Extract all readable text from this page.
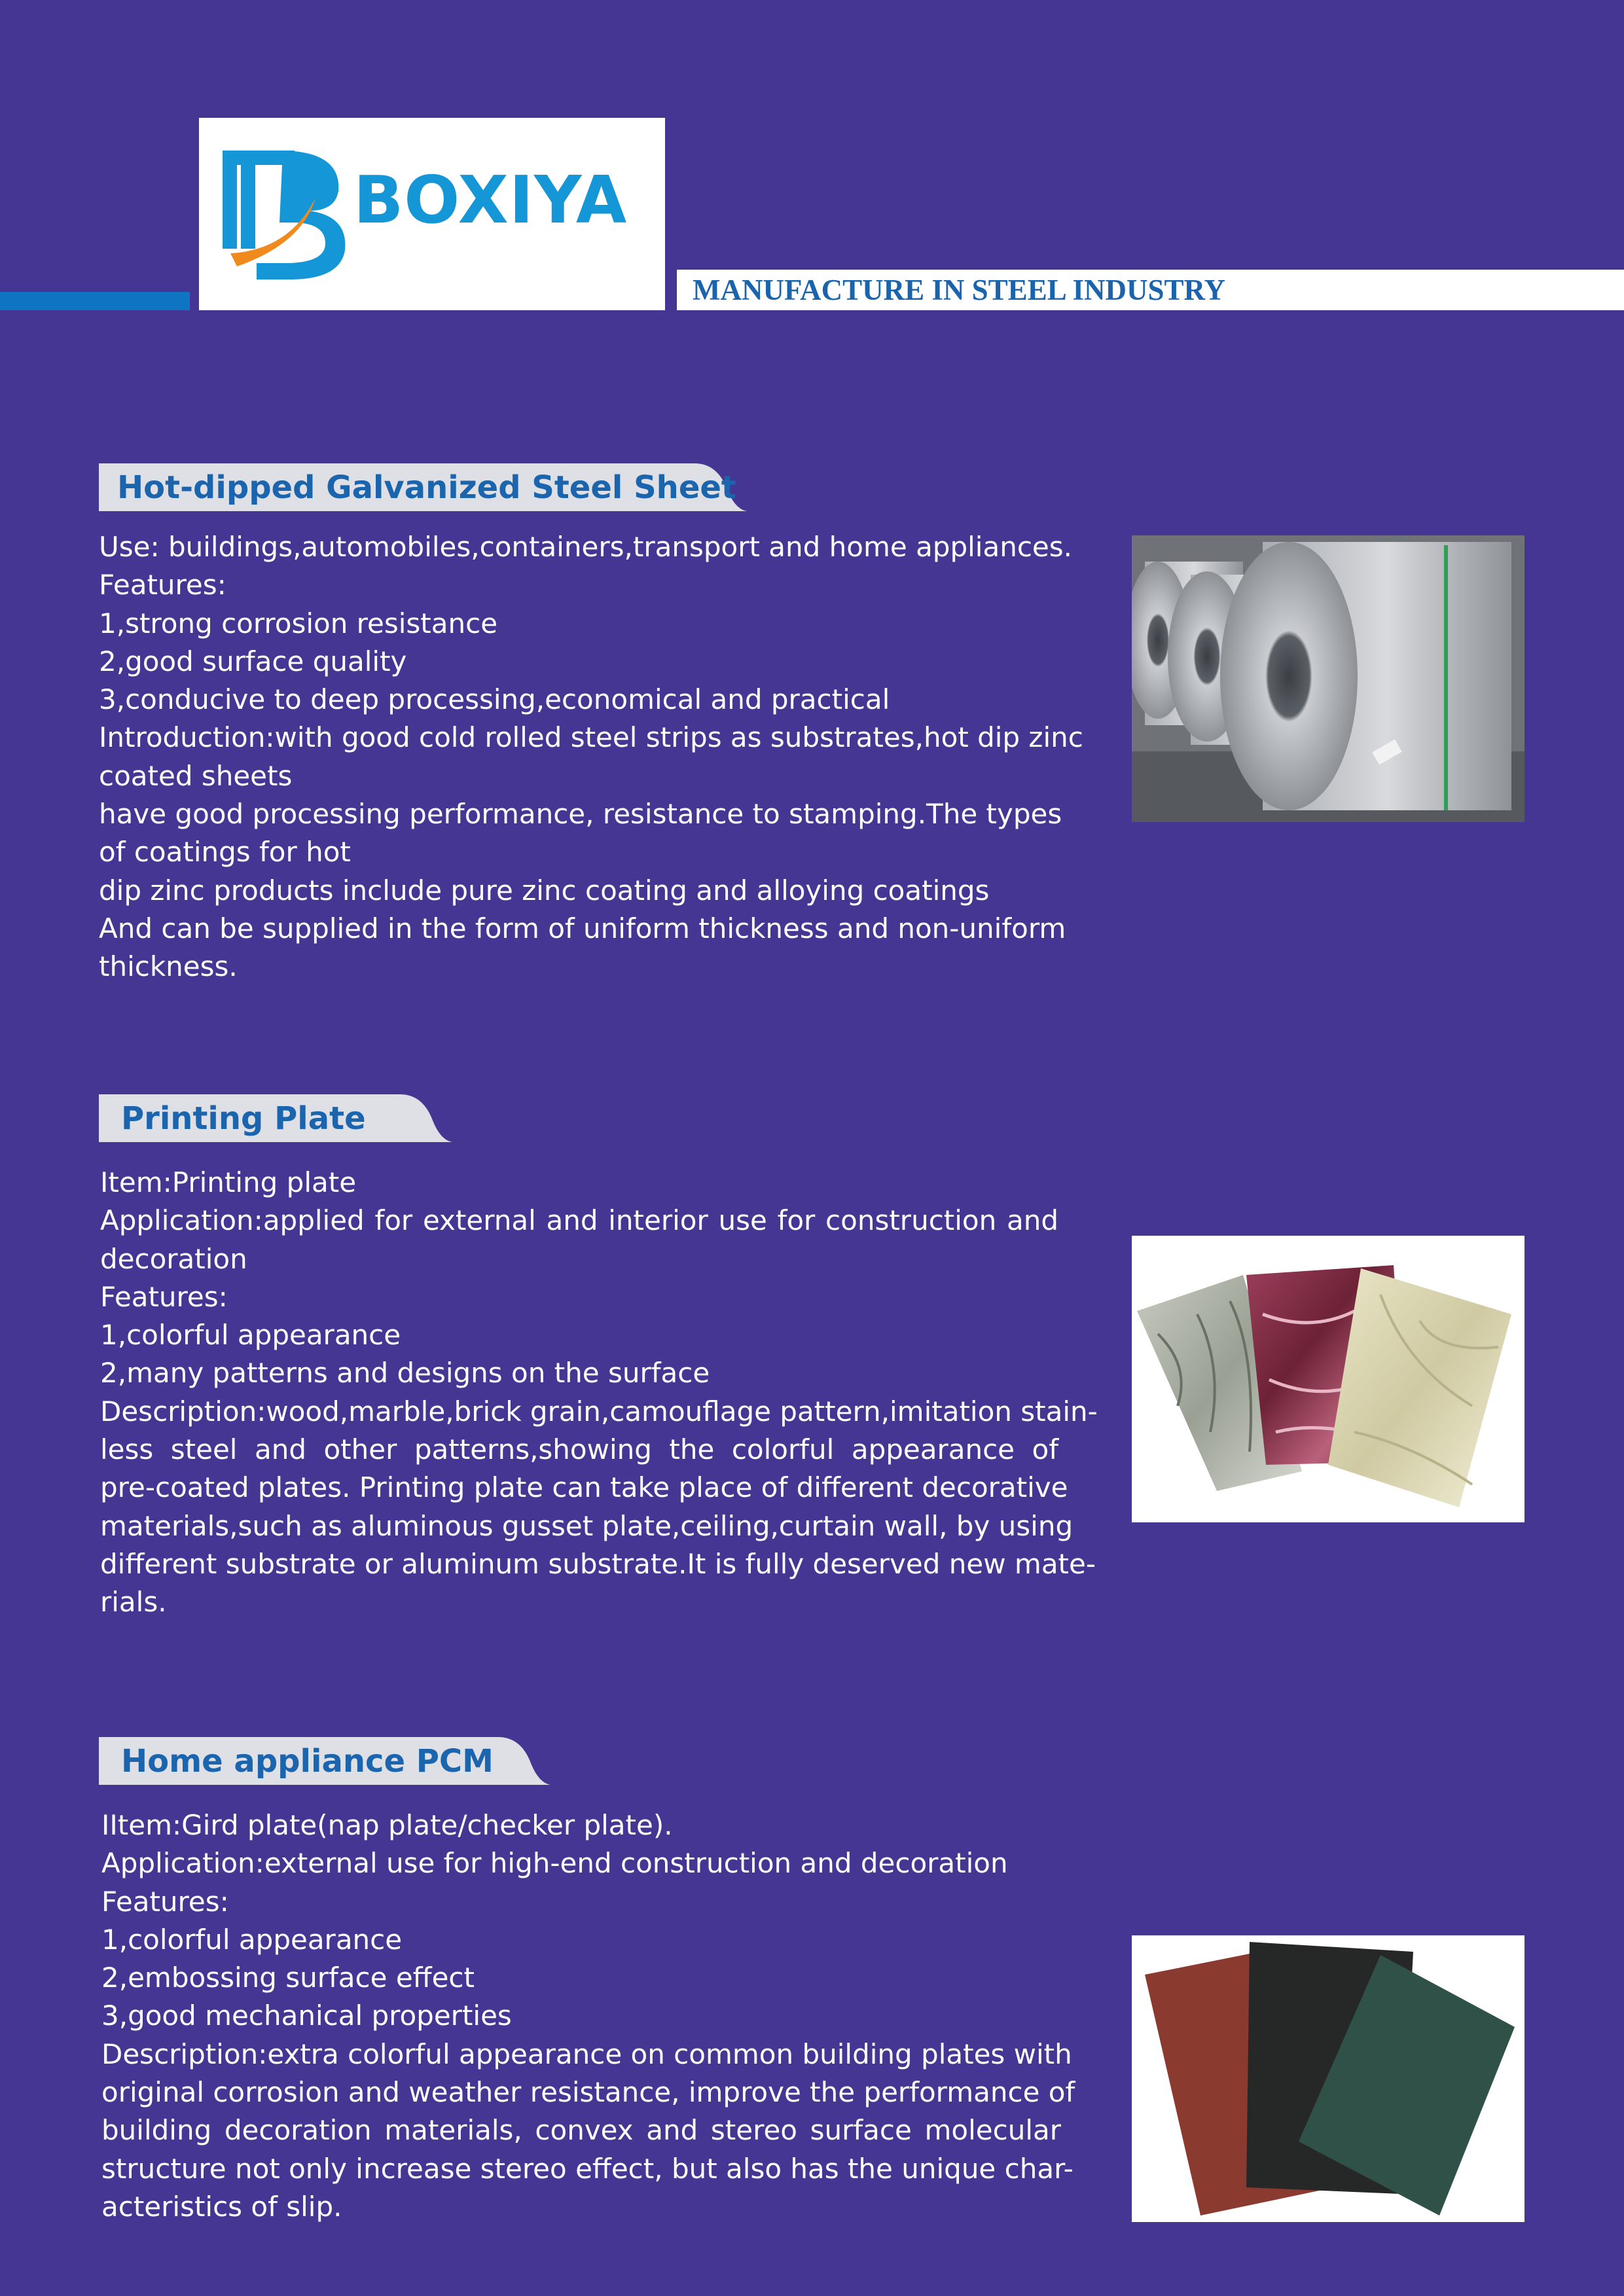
BOXIYA
MANUFACTURE IN STEEL INDUSTRY
Hot-dipped Galvanized Steel Sheet
Use: buildings,automobiles,containers,transport and home appliances.
Features:
1,strong corrosion resistance
2,good surface quality
3,conducive to deep processing,economical and practical
Introduction:with good cold rolled steel strips as substrates,hot dip zinc
coated sheets
have good processing performance, resistance to stamping.The types
of coatings for hot
dip zinc products include pure zinc coating and alloying coatings
And can be supplied in the form of uniform thickness and non-uniform
thickness.
Printing Plate
Item:Printing plate
Application:applied for external and interior use for construction and
decoration
Features:
1,colorful appearance
2,many patterns and designs on the surface
Description:wood,marble,brick grain,camouflage pattern,imitation stain-
less steel and other patterns,showing the colorful appearance of
pre-coated plates. Printing plate can take place of different decorative
materials,such as aluminous gusset plate,ceiling,curtain wall, by using
different substrate or aluminum substrate.It is fully deserved new mate-
rials.
Home appliance PCM
IItem:Gird plate(nap plate/checker plate).
Application:external use for high-end construction and decoration
Features:
1,colorful appearance
2,embossing surface effect
3,good mechanical properties
Description:extra colorful appearance on common building plates with
original corrosion and weather resistance, improve the performance of
building decoration materials, convex and stereo surface molecular
structure not only increase stereo effect, but also has the unique char-
acteristics of slip.
